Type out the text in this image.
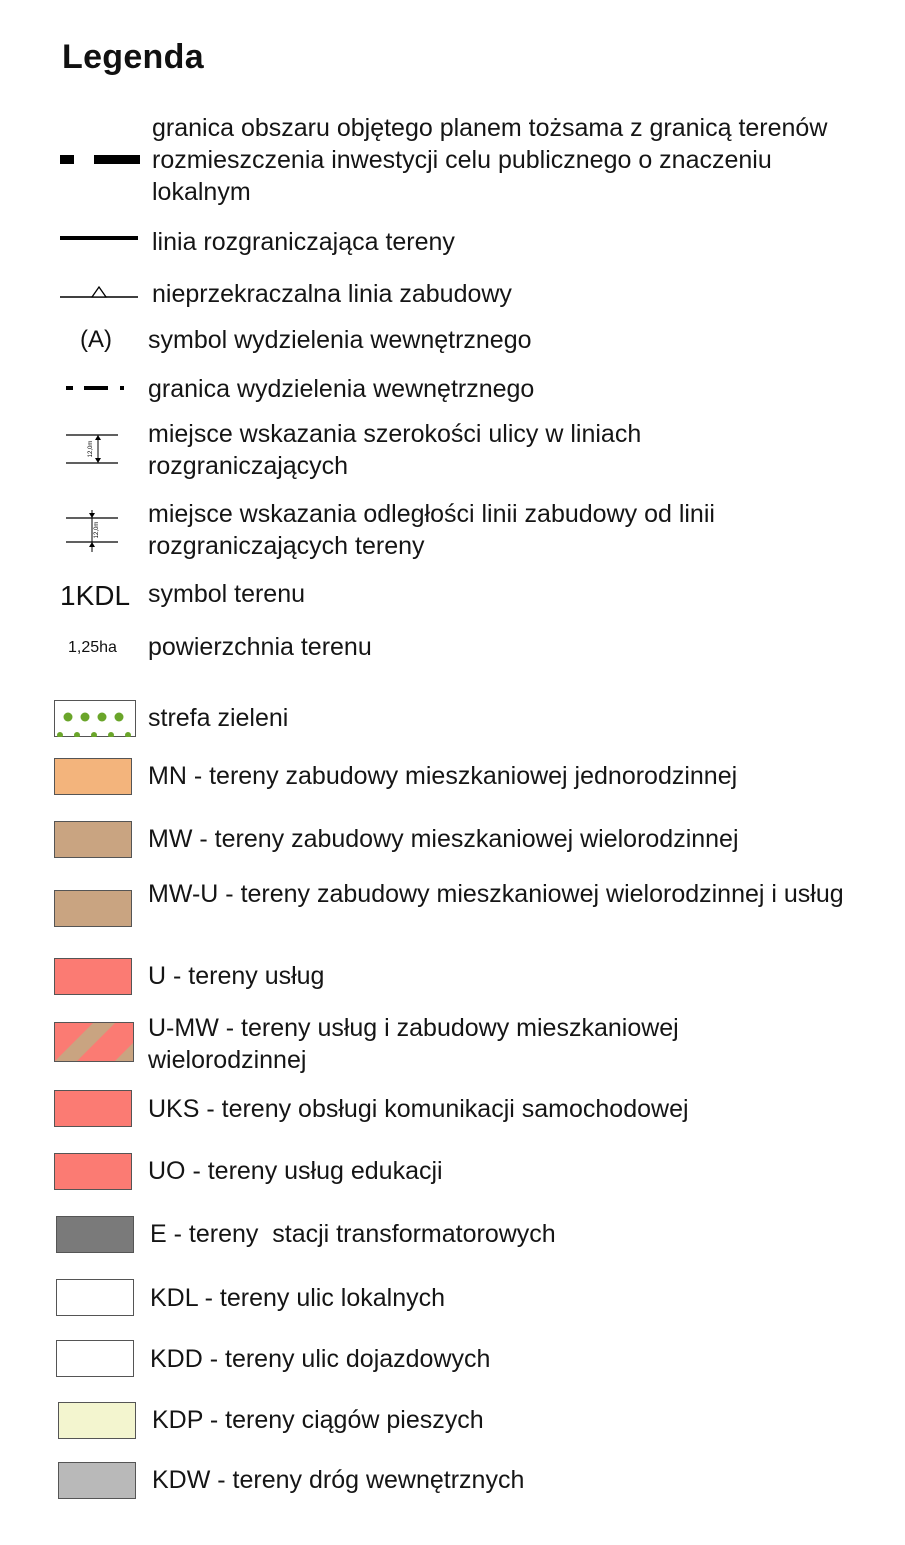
Legenda
granica obszaru objętego planem tożsama z granicą terenów rozmieszczenia inwestycji celu publicznego o znaczeniu lokalnym
linia rozgraniczająca tereny
nieprzekraczalna linia zabudowy
(A) symbol wydzielenia wewnętrznego
granica wydzielenia wewnętrznego
12,0m
miejsce wskazania szerokości ulicy w liniach rozgraniczających
12,0m
miejsce wskazania odległości linii zabudowy od linii rozgraniczających tereny
1KDL symbol terenu
1,25ha powierzchnia terenu
strefa zieleni
MN - tereny zabudowy mieszkaniowej jednorodzinnej
MW - tereny zabudowy mieszkaniowej wielorodzinnej
MW-U - tereny zabudowy mieszkaniowej wielorodzinnej i usług
U - tereny usług
U-MW - tereny usług i zabudowy mieszkaniowej wielorodzinnej
UKS - tereny obsługi komunikacji samochodowej
UO - tereny usług edukacji
E - tereny  stacji transformatorowych
KDL - tereny ulic lokalnych
KDD - tereny ulic dojazdowych
KDP - tereny ciągów pieszych
KDW - tereny dróg wewnętrznych
